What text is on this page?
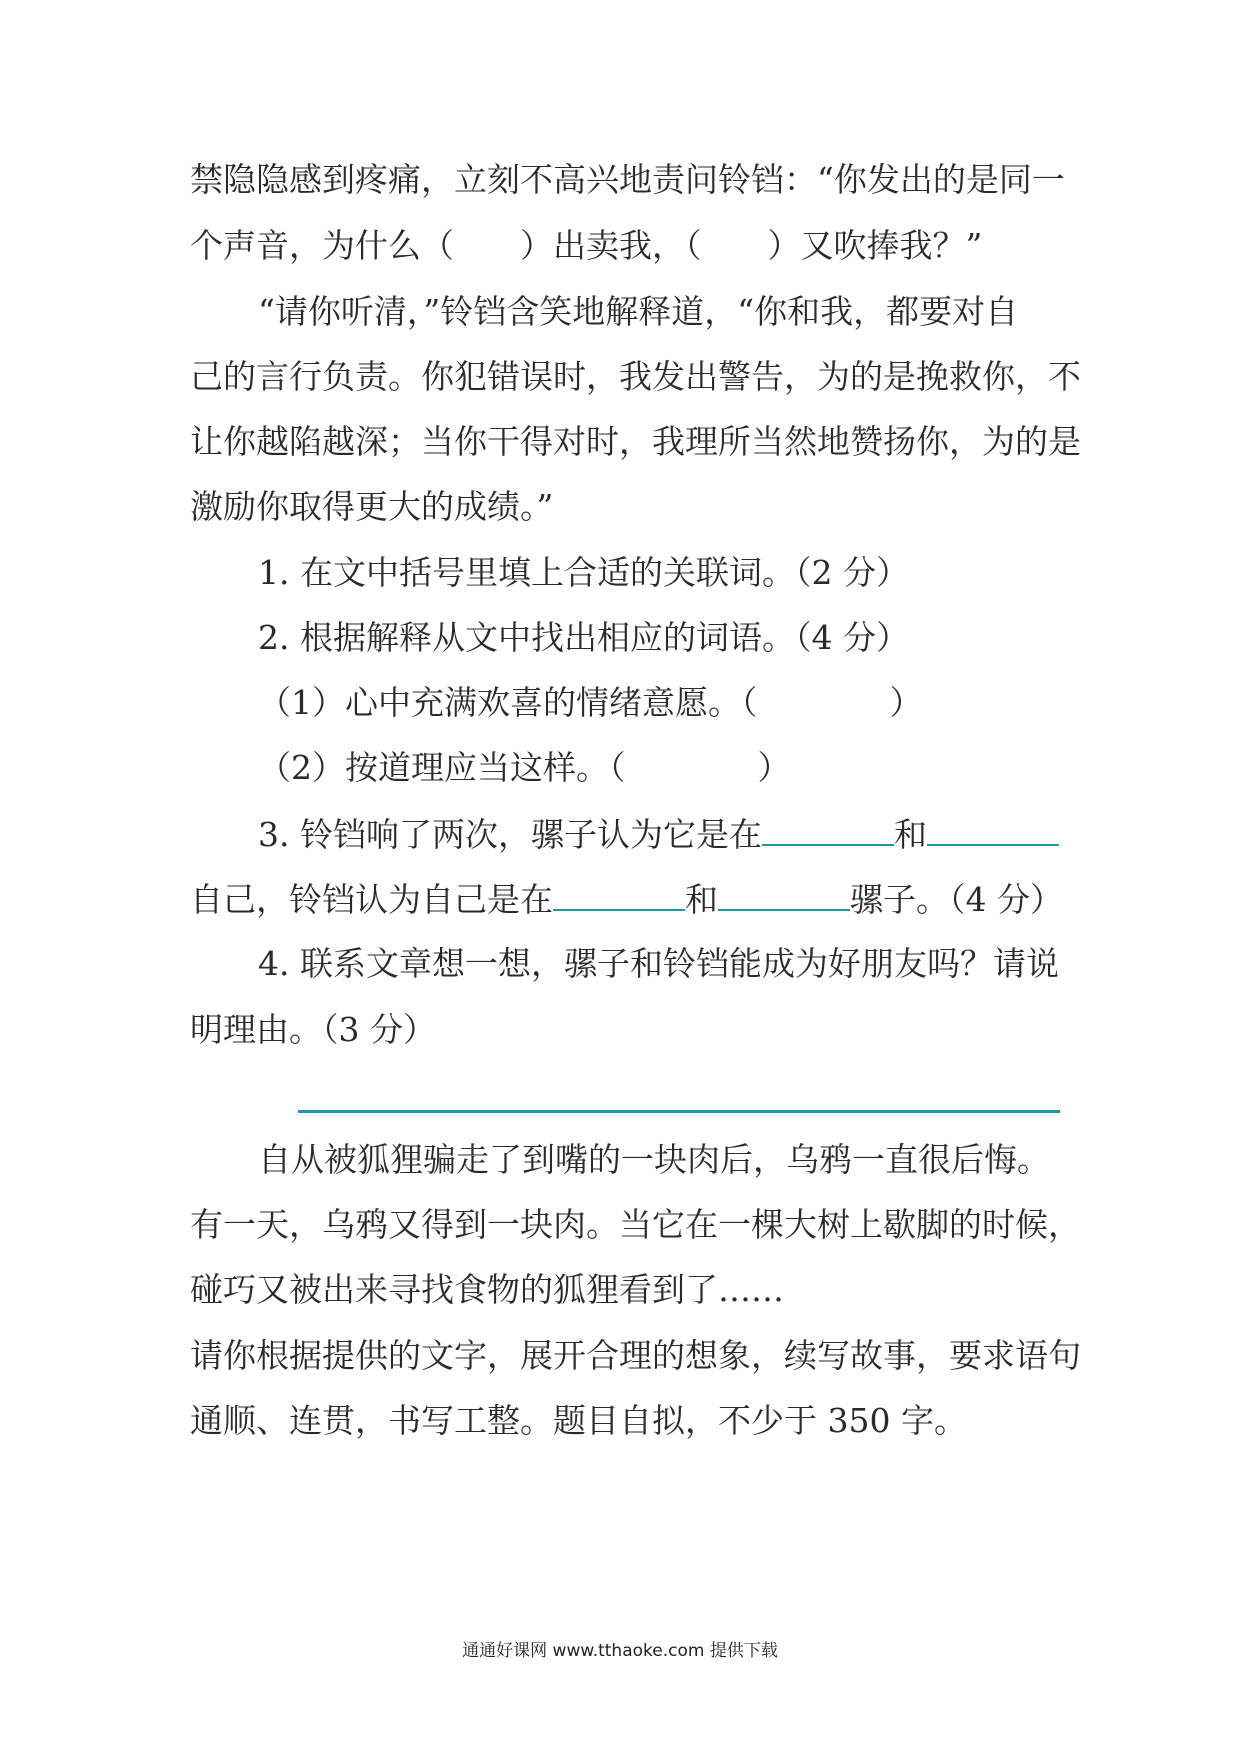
禁隐隐感到疼痛，立刻不高兴地责问铃铛：“你发出的是同一
个声音，为什么（　　）出卖我，（　　）又吹捧我？”
“请你听清，”铃铛含笑地解释道，“你和我，都要对自
己的言行负责。你犯错误时，我发出警告，为的是挽救你，不
让你越陷越深；当你干得对时，我理所当然地赞扬你，为的是
激励你取得更大的成绩。”
1. 在文中括号里填上合适的关联词。（2 分）
2. 根据解释从文中找出相应的词语。（4 分）
（1）心中充满欢喜的情绪意愿。（　　　　）
（2）按道理应当这样。（　　　　）
3. 铃铛响了两次，骡子认为它是在	和
自己，铃铛认为自己是在	和	骡子。（4 分）
4. 联系文章想一想，骡子和铃铛能成为好朋友吗？请说
明理由。（3 分）
自从被狐狸骗走了到嘴的一块肉后，乌鸦一直很后悔。
有一天，乌鸦又得到一块肉。当它在一棵大树上歇脚的时候，
碰巧又被出来寻找食物的狐狸看到了……
请你根据提供的文字，展开合理的想象，续写故事，要求语句
通顺、连贯，书写工整。题目自拟，不少于 350 字。
通通好课网 www.tthaoke.com 提供下载
